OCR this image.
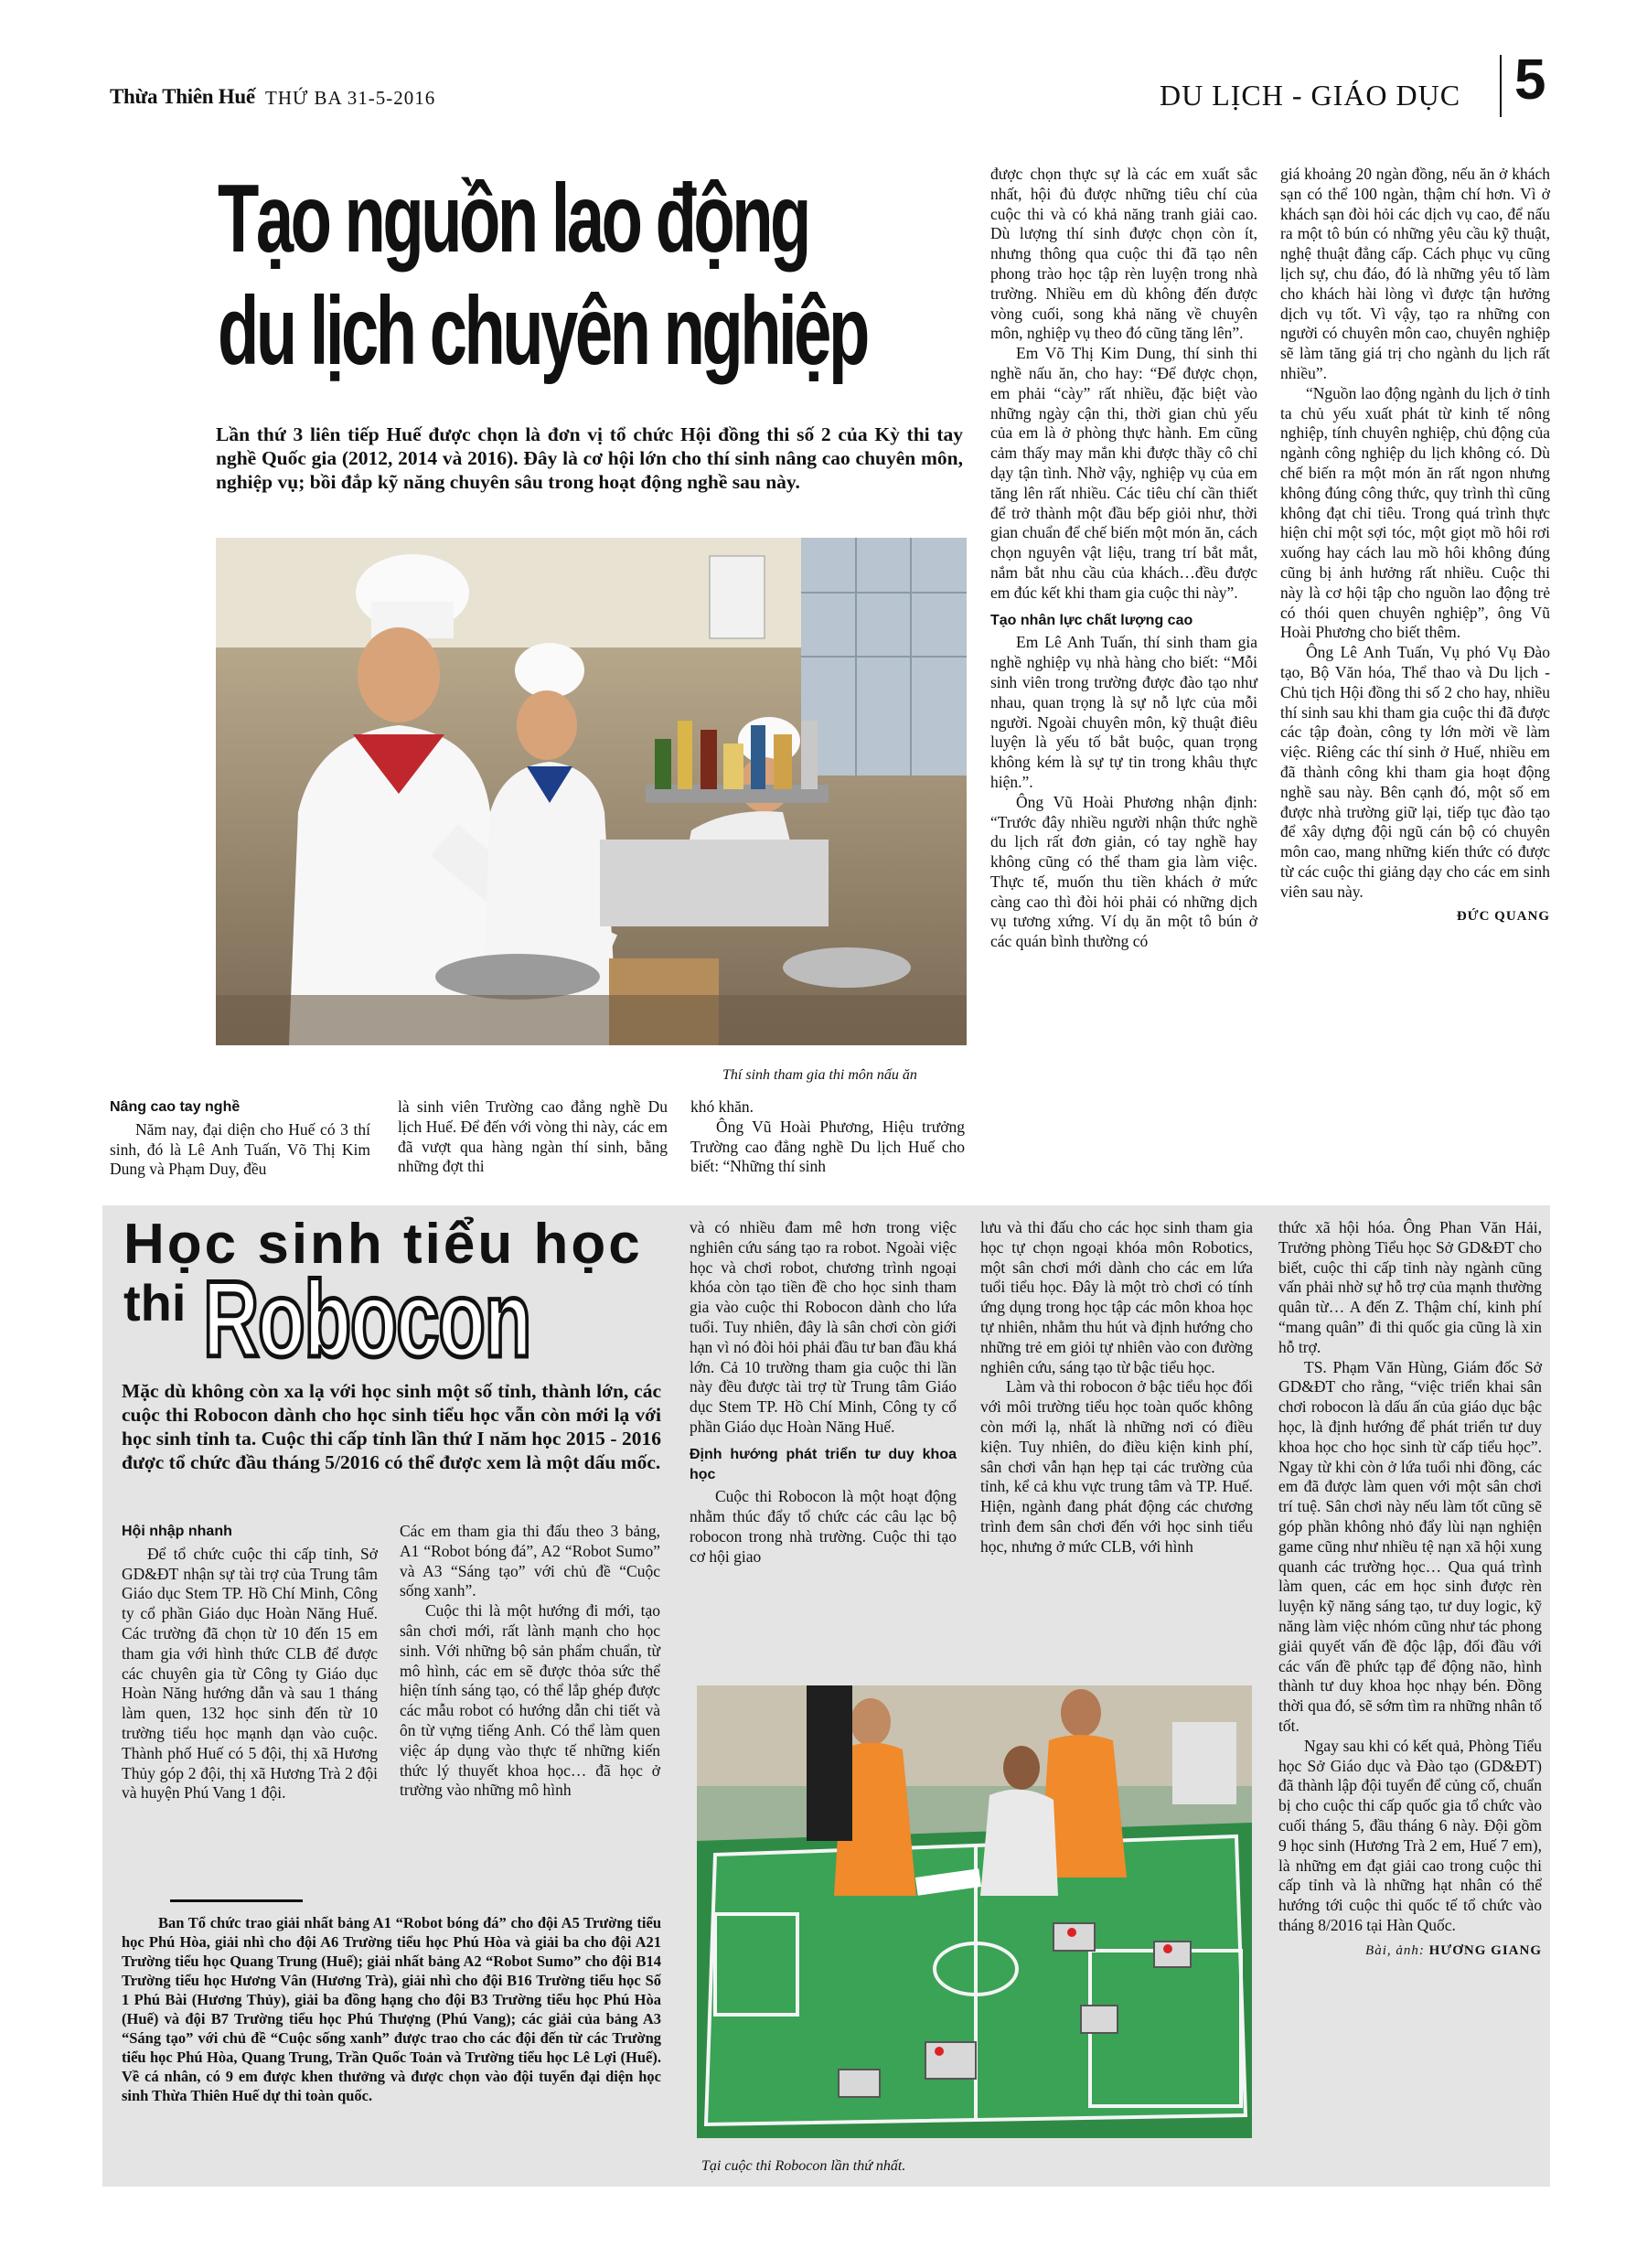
Thừa Thiên Huế THỨ BA 31-5-2016	DU LỊCH - GIÁO DỤC 5
Tạo nguồn lao động
du lịch chuyên nghiệp
Lần thứ 3 liên tiếp Huế được chọn là đơn vị tổ chức Hội đồng thi số 2 của Kỳ thi tay nghề Quốc gia (2012, 2014 và 2016). Đây là cơ hội lớn cho thí sinh nâng cao chuyên môn, nghiệp vụ; bồi đắp kỹ năng chuyên sâu trong hoạt động nghề sau này.
Thí sinh tham gia thi môn nấu ăn
Nâng cao tay nghề

Năm nay, đại diện cho Huế có 3 thí sinh, đó là Lê Anh Tuấn, Võ Thị Kim Dung và Phạm Duy, đều

là sinh viên Trường cao đẳng nghề Du lịch Huế. Để đến với vòng thi này, các em đã vượt qua hàng ngàn thí sinh, bằng những đợt thi

khó khăn.

Ông Vũ Hoài Phương, Hiệu trưởng Trường cao đẳng nghề Du lịch Huế cho biết: “Những thí sinh

được chọn thực sự là các em xuất sắc nhất, hội đủ được những tiêu chí của cuộc thi và có khả năng tranh giải cao. Dù lượng thí sinh được chọn còn ít, nhưng thông qua cuộc thi đã tạo nên phong trào học tập rèn luyện trong nhà trường. Nhiều em dù không đến được vòng cuối, song khả năng về chuyên môn, nghiệp vụ theo đó cũng tăng lên”.

Em Võ Thị Kim Dung, thí sinh thi nghề nấu ăn, cho hay: “Để được chọn, em phải “cày” rất nhiều, đặc biệt vào những ngày cận thi, thời gian chủ yếu của em là ở phòng thực hành. Em cũng cảm thấy may mắn khi được thầy cô chỉ dạy tận tình. Nhờ vậy, nghiệp vụ của em tăng lên rất nhiều. Các tiêu chí cần thiết để trở thành một đầu bếp giỏi như, thời gian chuẩn để chế biến một món ăn, cách chọn nguyên vật liệu, trang trí bắt mắt, nắm bắt nhu cầu của khách…đều được em đúc kết khi tham gia cuộc thi này”.

Tạo nhân lực chất lượng cao

Em Lê Anh Tuấn, thí sinh tham gia nghề nghiệp vụ nhà hàng cho biết: “Mỗi sinh viên trong trường được đào tạo như nhau, quan trọng là sự nỗ lực của mỗi người. Ngoài chuyên môn, kỹ thuật điêu luyện là yếu tố bắt buộc, quan trọng không kém là sự tự tin trong khâu thực hiện.”.

Ông Vũ Hoài Phương nhận định: “Trước đây nhiều người nhận thức nghề du lịch rất đơn giản, có tay nghề hay không cũng có thể tham gia làm việc. Thực tế, muốn thu tiền khách ở mức càng cao thì đòi hỏi phải có những dịch vụ tương xứng. Ví dụ ăn một tô bún ở các quán bình thường có

giá khoảng 20 ngàn đồng, nếu ăn ở khách sạn có thể 100 ngàn, thậm chí hơn. Vì ở khách sạn đòi hỏi các dịch vụ cao, để nấu ra một tô bún có những yêu cầu kỹ thuật, nghệ thuật đẳng cấp. Cách phục vụ cũng lịch sự, chu đáo, đó là những yêu tố làm cho khách hài lòng vì được tận hưởng dịch vụ tốt. Vì vậy, tạo ra những con người có chuyên môn cao, chuyên nghiệp sẽ làm tăng giá trị cho ngành du lịch rất nhiều”.

“Nguồn lao động ngành du lịch ở tỉnh ta chủ yếu xuất phát từ kinh tế nông nghiệp, tính chuyên nghiệp, chủ động của ngành công nghiệp du lịch không có. Dù chế biến ra một món ăn rất ngon nhưng không đúng công thức, quy trình thì cũng không đạt chỉ tiêu. Trong quá trình thực hiện chỉ một sợi tóc, một giọt mồ hôi rơi xuống hay cách lau mồ hôi không đúng cũng bị ảnh hưởng rất nhiều. Cuộc thi này là cơ hội tập cho nguồn lao động trẻ có thói quen chuyên nghiệp”, ông Vũ Hoài Phương cho biết thêm.

Ông Lê Anh Tuấn, Vụ phó Vụ Đào tạo, Bộ Văn hóa, Thể thao và Du lịch - Chủ tịch Hội đồng thi số 2 cho hay, nhiều thí sinh sau khi tham gia cuộc thi đã được các tập đoàn, công ty lớn mời về làm việc. Riêng các thí sinh ở Huế, nhiều em đã thành công khi tham gia hoạt động nghề sau này. Bên cạnh đó, một số em được nhà trường giữ lại, tiếp tục đào tạo để xây dựng đội ngũ cán bộ có chuyên môn cao, mang những kiến thức có được từ các cuộc thi giảng dạy cho các em sinh viên sau này.

ĐỨC QUANG
Học sinh tiểu học
thi Robocon
Mặc dù không còn xa lạ với học sinh một số tỉnh, thành lớn, các cuộc thi Robocon dành cho học sinh tiểu học vẫn còn mới lạ với học sinh tỉnh ta. Cuộc thi cấp tỉnh lần thứ I năm học 2015 - 2016 được tổ chức đầu tháng 5/2016 có thể được xem là một dấu mốc.
Hội nhập nhanh

Để tổ chức cuộc thi cấp tỉnh, Sở GD&ĐT nhận sự tài trợ của Trung tâm Giáo dục Stem TP. Hồ Chí Minh, Công ty cổ phần Giáo dục Hoàn Năng Huế. Các trường đã chọn từ 10 đến 15 em tham gia với hình thức CLB để được các chuyên gia từ Công ty Giáo dục Hoàn Năng hướng dẫn và sau 1 tháng làm quen, 132 học sinh đến từ 10 trường tiểu học mạnh dạn vào cuộc. Thành phố Huế có 5 đội, thị xã Hương Thủy góp 2 đội, thị xã Hương Trà 2 đội và huyện Phú Vang 1 đội.

Các em tham gia thi đấu theo 3 bảng, A1 “Robot bóng đá”, A2 “Robot Sumo” và A3 “Sáng tạo” với chủ đề “Cuộc sống xanh”.

Cuộc thi là một hướng đi mới, tạo sân chơi mới, rất lành mạnh cho học sinh. Với những bộ sản phẩm chuẩn, từ mô hình, các em sẽ được thỏa sức thể hiện tính sáng tạo, có thể lắp ghép được các mẫu robot có hướng dẫn chi tiết và ôn từ vựng tiếng Anh. Có thể làm quen việc áp dụng vào thực tế những kiến thức lý thuyết khoa học… đã học ở trường vào những mô hình

và có nhiều đam mê hơn trong việc nghiên cứu sáng tạo ra robot. Ngoài việc học và chơi robot, chương trình ngoại khóa còn tạo tiền đề cho học sinh tham gia vào cuộc thi Robocon dành cho lứa tuổi. Tuy nhiên, đây là sân chơi còn giới hạn vì nó đòi hỏi phải đầu tư ban đầu khá lớn. Cả 10 trường tham gia cuộc thi lần này đều được tài trợ từ Trung tâm Giáo dục Stem TP. Hồ Chí Minh, Công ty cổ phần Giáo dục Hoàn Năng Huế.

Định hướng phát triển tư duy khoa học

Cuộc thi Robocon là một hoạt động nhằm thúc đẩy tổ chức các câu lạc bộ robocon trong nhà trường. Cuộc thi tạo cơ hội giao

lưu và thi đấu cho các học sinh tham gia học tự chọn ngoại khóa môn Robotics, một sân chơi mới dành cho các em lứa tuổi tiểu học. Đây là một trò chơi có tính ứng dụng trong học tập các môn khoa học tự nhiên, nhằm thu hút và định hướng cho những trẻ em giỏi tự nhiên vào con đường nghiên cứu, sáng tạo từ bậc tiểu học.

Làm và thi robocon ở bậc tiểu học đối với môi trường tiểu học toàn quốc không còn mới lạ, nhất là những nơi có điều kiện. Tuy nhiên, do điều kiện kinh phí, sân chơi vẫn hạn hẹp tại các trường của tỉnh, kể cả khu vực trung tâm và TP. Huế. Hiện, ngành đang phát động các chương trình đem sân chơi đến với học sinh tiểu học, nhưng ở mức CLB, với hình

thức xã hội hóa. Ông Phan Văn Hải, Trưởng phòng Tiểu học Sở GD&ĐT cho biết, cuộc thi cấp tỉnh này ngành cũng vấn phải nhờ sự hỗ trợ của mạnh thường quân từ… A đến Z. Thậm chí, kinh phí “mang quân” đi thi quốc gia cũng là xin hỗ trợ.

TS. Phạm Văn Hùng, Giám đốc Sở GD&ĐT cho rằng, “việc triển khai sân chơi robocon là dấu ấn của giáo dục bậc học, là định hướng để phát triển tư duy khoa học cho học sinh từ cấp tiểu học”. Ngay từ khi còn ở lứa tuổi nhi đồng, các em đã được làm quen với một sân chơi trí tuệ. Sân chơi này nếu làm tốt cũng sẽ góp phần không nhỏ đẩy lùi nạn nghiện game cũng như nhiều tệ nạn xã hội xung quanh các trường học… Qua quá trình làm quen, các em học sinh được rèn luyện kỹ năng sáng tạo, tư duy logic, kỹ năng làm việc nhóm cũng như tác phong giải quyết vấn đề độc lập, đối đầu với các vấn đề phức tạp để động não, hình thành tư duy khoa học nhạy bén. Đồng thời qua đó, sẽ sớm tìm ra những nhân tố tốt.

Ngay sau khi có kết quả, Phòng Tiểu học Sở Giáo dục và Đào tạo (GD&ĐT) đã thành lập đội tuyển để củng cố, chuẩn bị cho cuộc thi cấp quốc gia tổ chức vào cuối tháng 5, đầu tháng 6 này. Đội gồm 9 học sinh (Hương Trà 2 em, Huế 7 em), là những em đạt giải cao trong cuộc thi cấp tỉnh và là những hạt nhân có thể hướng tới cuộc thi quốc tế tổ chức vào tháng 8/2016 tại Hàn Quốc.

Bài, ảnh: HƯƠNG GIANG
Ban Tổ chức trao giải nhất bảng A1 “Robot bóng đá” cho đội A5 Trường tiểu học Phú Hòa, giải nhì cho đội A6 Trường tiểu học Phú Hòa và giải ba cho đội A21 Trường tiểu học Quang Trung (Huế); giải nhất bảng A2 “Robot Sumo” cho đội B14 Trường tiểu học Hương Vân (Hương Trà), giải nhì cho đội B16 Trường tiểu học Số 1 Phú Bài (Hương Thủy), giải ba đồng hạng cho đội B3 Trường tiểu học Phú Hòa (Huế) và đội B7 Trường tiểu học Phú Thượng (Phú Vang); các giải của bảng A3 “Sáng tạo” với chủ đề “Cuộc sống xanh” được trao cho các đội đến từ các Trường tiểu học Phú Hòa, Quang Trung, Trần Quốc Toản và Trường tiểu học Lê Lợi (Huế). Về cá nhân, có 9 em được khen thưởng và được chọn vào đội tuyển đại diện học sinh Thừa Thiên Huế dự thi toàn quốc.
Tại cuộc thi Robocon lần thứ nhất.
